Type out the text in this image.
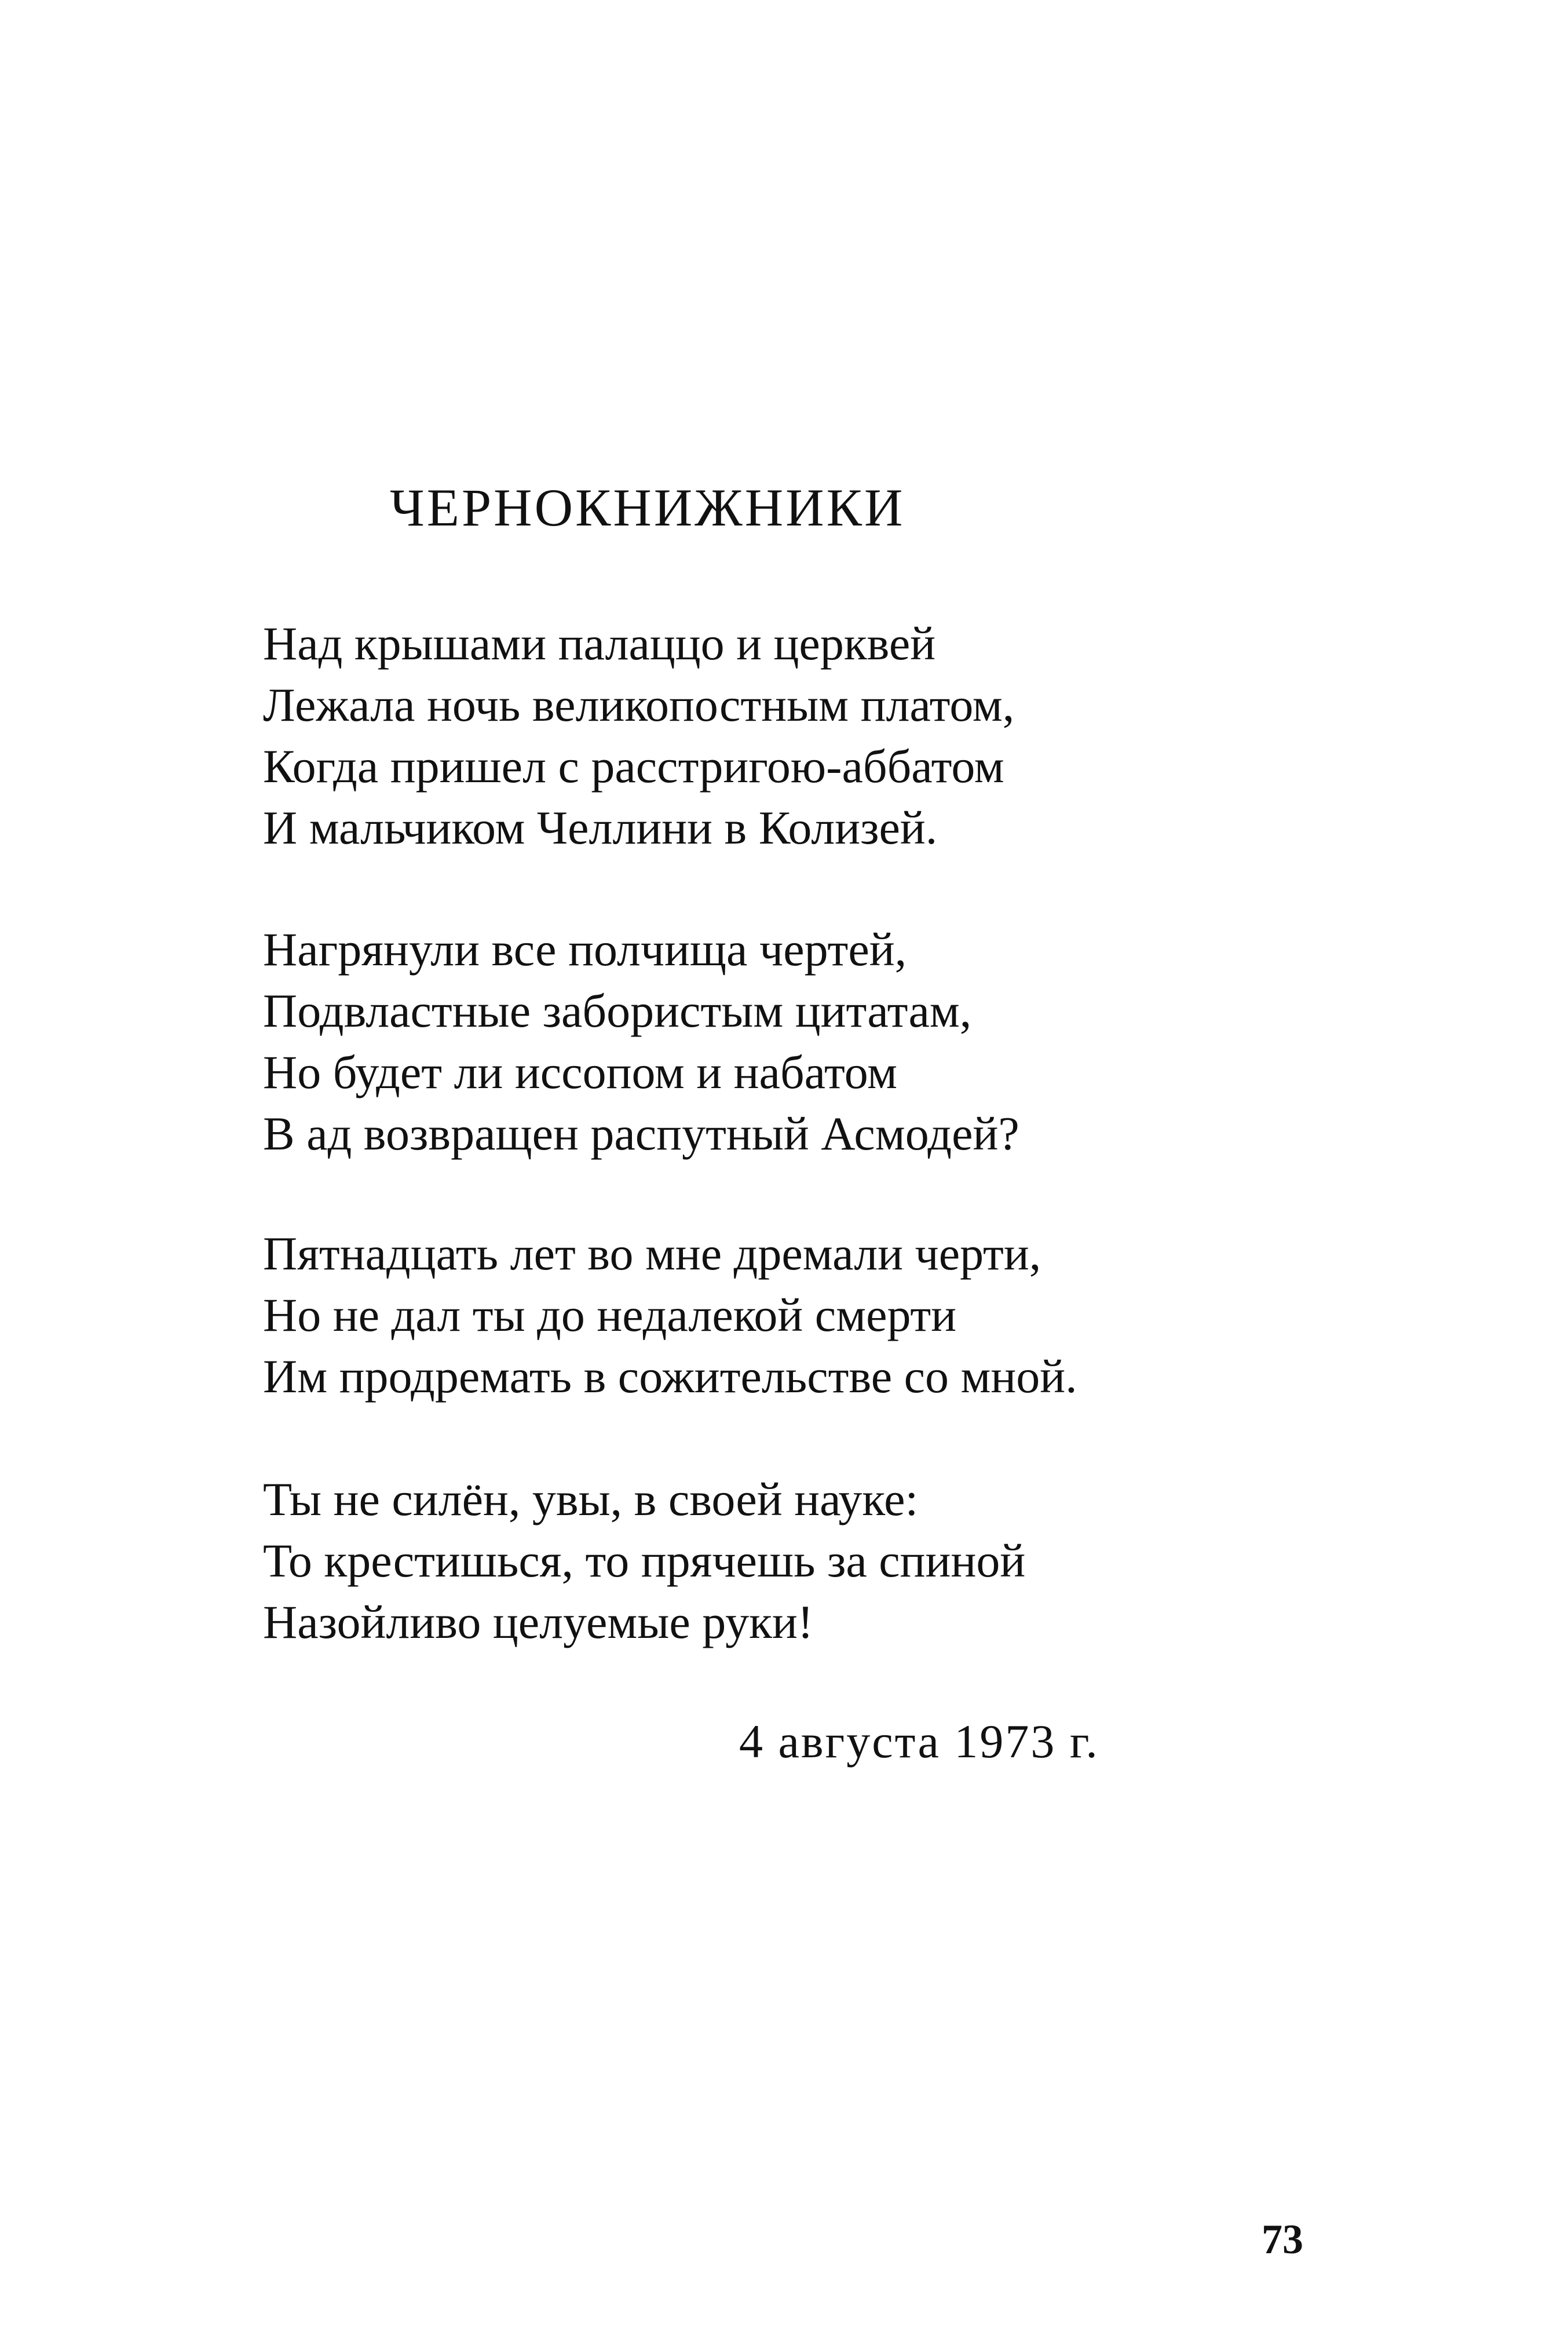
ЧЕРНОКНИЖНИКИ

Над крышами палаццо и церквей
Лежала ночь великопостным платом,
Когда пришел с расстригою-аббатом
И мальчиком Челлини в Колизей.

Нагрянули все полчища чертей,
Подвластные забористым цитатам,
Но будет ли иссопом и набатом
В ад возвращен распутный Асмодей?

Пятнадцать лет во мне дремали черти,
Но не дал ты до недалекой смерти
Им продремать в сожительстве со мной.

Ты не силён, увы, в своей науке:
То крестишься, то прячешь за спиной
Назойливо целуемые руки!

4 августа 1973 г.
73
